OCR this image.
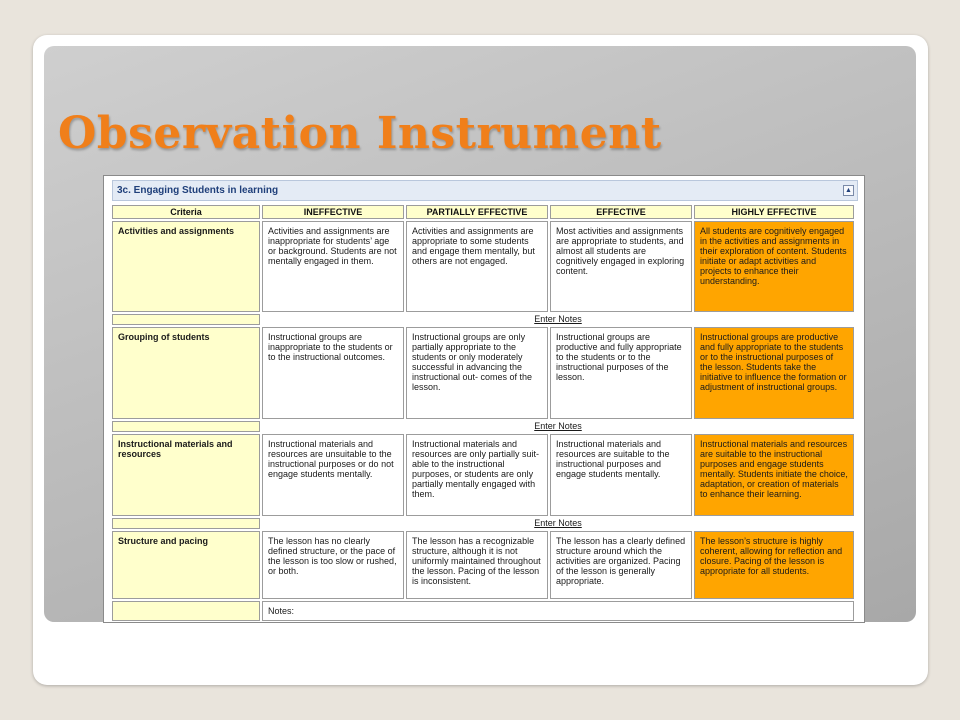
Observation Instrument
3c. Engaging Students in learning	▲
Criteria	INEFFECTIVE	PARTIALLY EFFECTIVE	EFFECTIVE	HIGHLY EFFECTIVE
Activities and assignments	Activities and assignments are inappropriate for students’ age or background. Students are not mentally engaged in them.	Activities and assignments are appropriate to some students and engage them mentally, but others are not engaged.	Most activities and assignments are appropriate to students, and almost all students are cognitively engaged in exploring content.	All students are cognitively engaged in the activities and assignments in their exploration of content. Students initiate or adapt activities and projects to enhance their understanding.
	Enter Notes			
Grouping of students	Instructional groups are inappropriate to the students or to the instructional outcomes.	Instructional groups are only partially appropriate to the students or only moderately successful in advancing the instructional out- comes of the lesson.	Instructional groups are productive and fully appropriate to the students or to the instructional purposes of the lesson.	Instructional groups are productive and fully appropriate to the students or to the instructional purposes of the lesson. Students take the initiative to influence the formation or adjustment of instructional groups.
	Enter Notes			
Instructional materials and resources	Instructional materials and resources are unsuitable to the instructional purposes or do not engage students mentally.	Instructional materials and resources are only partially suit- able to the instructional purposes, or students are only partially mentally engaged with them.	Instructional materials and resources are suitable to the instructional purposes and engage students mentally.	Instructional materials and resources are suitable to the instructional purposes and engage students mentally. Students initiate the choice, adaptation, or creation of materials to enhance their learning.
	Enter Notes			
Structure and pacing	The lesson has no clearly defined structure, or the pace of the lesson is too slow or rushed, or both.	The lesson has a recognizable structure, although it is not uniformly maintained throughout the lesson. Pacing of the lesson is inconsistent.	The lesson has a clearly defined structure around which the activities are organized. Pacing of the lesson is generally appropriate.	The lesson’s structure is highly coherent, allowing for reflection and closure. Pacing of the lesson is appropriate for all students.
	Notes:			
